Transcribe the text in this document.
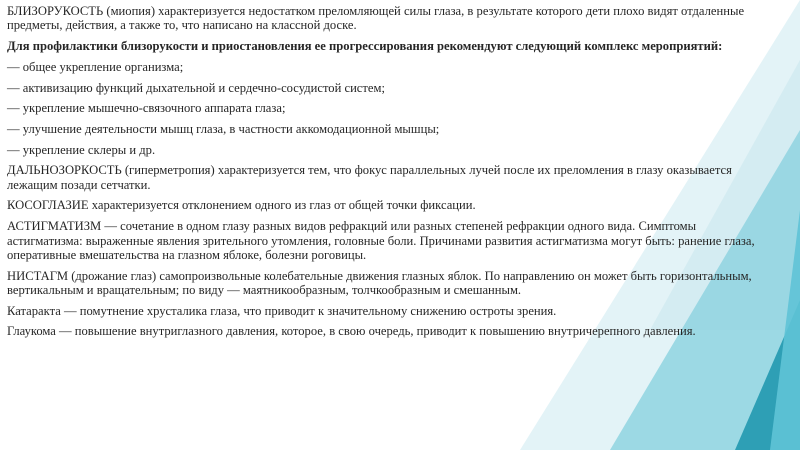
БЛИЗОРУКОСТЬ (миопия) характеризуется недостатком преломляющей силы глаза, в результате которого дети плохо видят отдаленные предметы, действия, а также то, что написано на классной доске.

Для профилактики близорукости и приостановления ее прогрессирования рекомендуют следующий комплекс мероприятий:

— общее укрепление организма;

— активизацию функций дыхательной и сердечно-сосудистой систем;

— укрепление мышечно-связочного аппарата глаза;

— улучшение деятельности мышц глаза, в частности аккомодационной мышцы;

— укрепление склеры и др.

ДАЛЬНОЗОРКОСТЬ (гиперметропия) характеризуется тем, что фокус параллельных лучей после их преломления в глазу оказывается лежащим позади сетчатки.

КОСОГЛАЗИЕ характеризуется отклонением одного из глаз от общей точки фиксации.

АСТИГМАТИЗМ — сочетание в одном глазу разных видов рефракций или разных степеней рефракции одного вида. Симптомы астигматизма: выраженные явления зрительного утомления, головные боли. Причинами развития астигматизма могут быть: ранение глаза, оперативные вмешательства на глазном яблоке, болезни роговицы.

НИСТАГМ (дрожание глаз) самопроизвольные колебательные движения глазных яблок. По направлению он может быть горизонтальным, вертикальным и вращательным; по виду — маятникообразным, толчкообразным и смешанным.

Катаракта — помутнение хрусталика глаза, что приводит к значительному снижению остроты зрения.

Глаукома — повышение внутриглазного давления, которое, в свою очередь, приводит к повышению внутричерепного давления.
